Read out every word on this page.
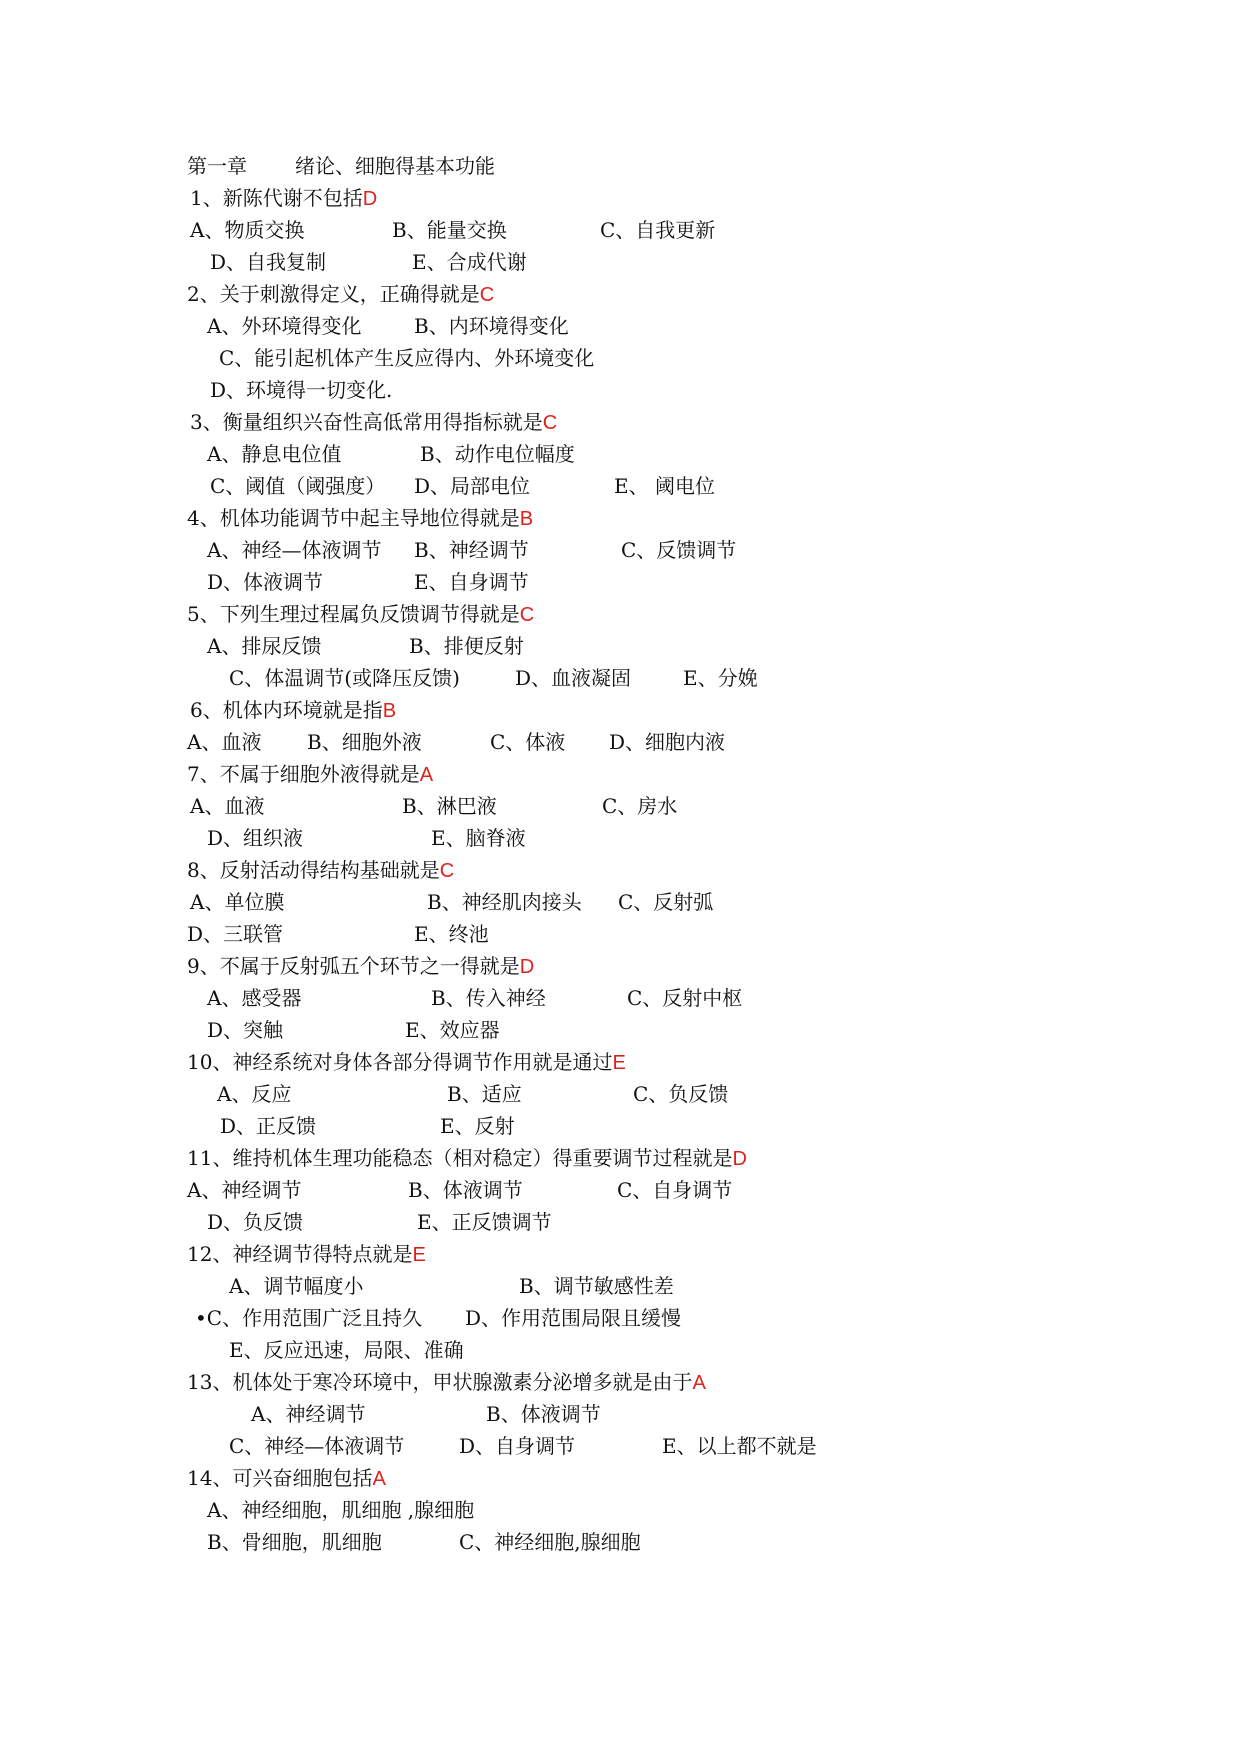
第一章 绪论、细胞得基本功能
1、新陈代谢不包括D
A、物质交换	B、能量交换	C、自我更新
D、自我复制	E、合成代谢
2、关于刺激得定义，正确得就是C
A、外环境得变化	B、内环境得变化
C、能引起机体产生反应得内、外环境变化
D、环境得一切变化.
3、衡量组织兴奋性高低常用得指标就是C
A、静息电位值	B、动作电位幅度
C、阈值（阈强度） D、局部电位	E、 阈电位
4、机体功能调节中起主导地位得就是B
A、神经—体液调节 B、神经调节	C、反馈调节
D、体液调节	E、自身调节
5、下列生理过程属负反馈调节得就是C
A、排尿反馈	B、排便反射
C、体温调节(或降压反馈)	D、血液凝固	E、分娩
6、机体内环境就是指B
A、血液 B、细胞外液	C、体液 D、细胞内液
7、不属于细胞外液得就是A
A、血液	B、淋巴液	C、房水
D、组织液	E、脑脊液
8、反射活动得结构基础就是C
A、单位膜	B、神经肌肉接头 C、反射弧
D、三联管	E、终池
9、不属于反射弧五个环节之一得就是D
A、感受器	B、传入神经	C、反射中枢
D、突触	E、效应器
10、神经系统对身体各部分得调节作用就是通过E
A、反应	B、适应	C、负反馈
D、正反馈	E、反射
11、维持机体生理功能稳态（相对稳定）得重要调节过程就是D
A、神经调节	B、体液调节	C、自身调节
D、负反馈	E、正反馈调节
12、神经调节得特点就是E
A、调节幅度小	B、调节敏感性差
•C、作用范围广泛且持久 D、作用范围局限且缓慢
E、反应迅速，局限、准确
13、机体处于寒冷环境中，甲状腺激素分泌增多就是由于A
A、神经调节	B、体液调节
C、神经—体液调节	D、自身调节	E、以上都不就是
14、可兴奋细胞包括A
A、神经细胞，肌细胞 ,腺细胞
B、骨细胞，肌细胞	C、神经细胞,腺细胞
